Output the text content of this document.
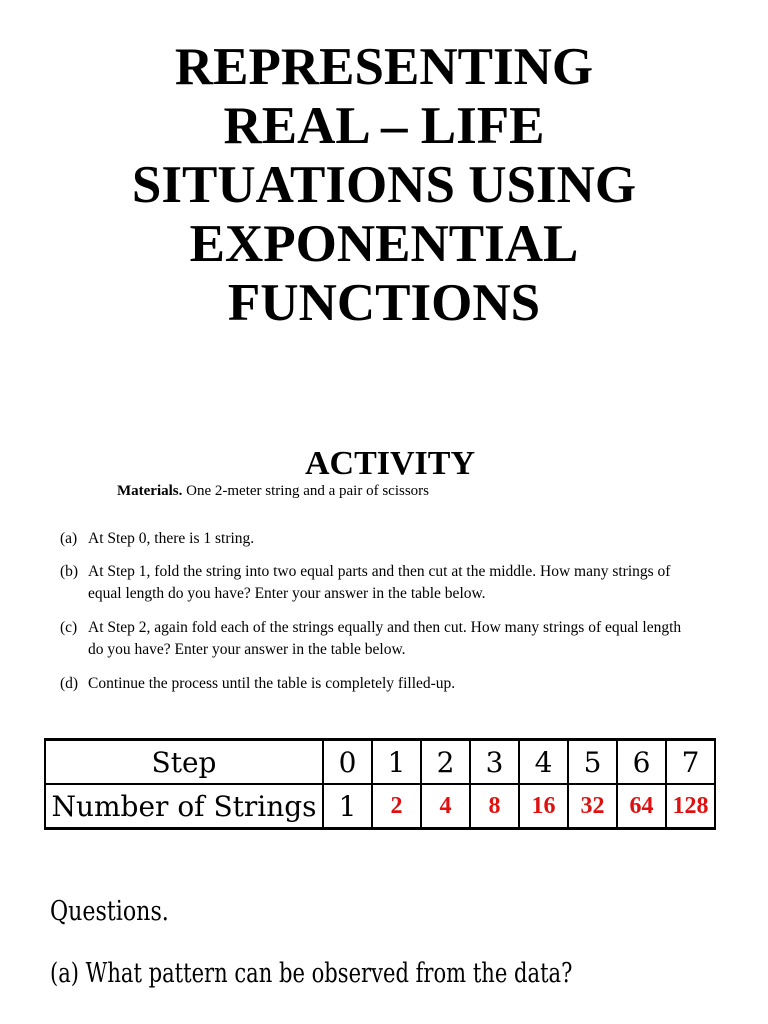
REPRESENTING
REAL – LIFE
SITUATIONS USING
EXPONENTIAL
FUNCTIONS
ACTIVITY
Materials. One 2-meter string and a pair of scissors
(a) At Step 0, there is 1 string.
(b) At Step 1, fold the string into two equal parts and then cut at the middle. How many strings of
equal length do you have? Enter your answer in the table below.
(c) At Step 2, again fold each of the strings equally and then cut. How many strings of equal length
do you have? Enter your answer in the table below.
(d) Continue the process until the table is completely filled-up.
Step	0	1	2	3	4	5	6	7
Number of Strings	1	2	4	8	16	32	64	128
Questions.
(a) What pattern can be observed from the data?
